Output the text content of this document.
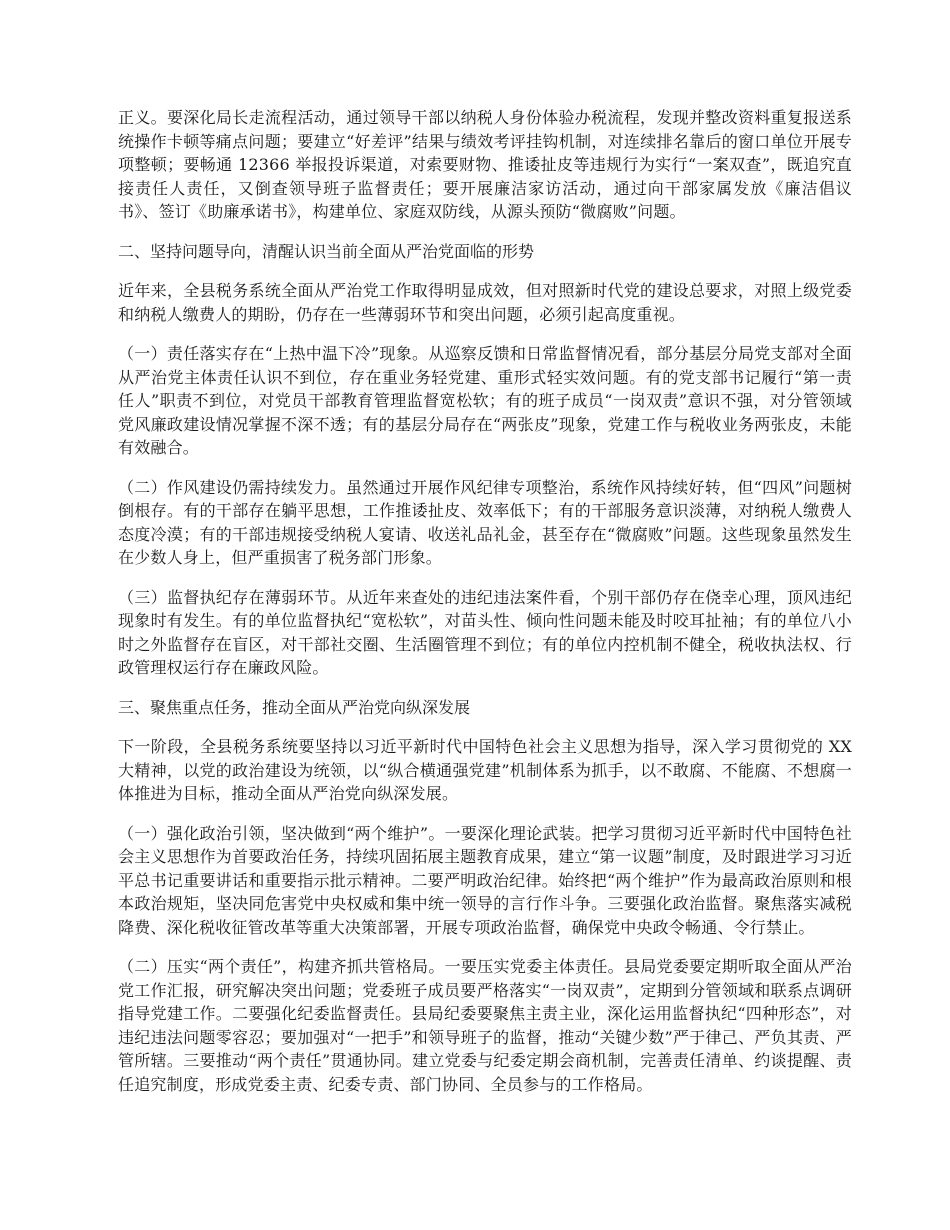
正义。要深化局长走流程活动，通过领导干部以纳税人身份体验办税流程，发现并整改资料重复报送系统操作卡顿等痛点问题；要建立“好差评”结果与绩效考评挂钩机制，对连续排名靠后的窗口单位开展专项整顿；要畅通 12366 举报投诉渠道，对索要财物、推诿扯皮等违规行为实行“一案双查”，既追究直接责任人责任，又倒查领导班子监督责任；要开展廉洁家访活动，通过向干部家属发放《廉洁倡议书》、签订《助廉承诺书》，构建单位、家庭双防线，从源头预防“微腐败”问题。

二、坚持问题导向，清醒认识当前全面从严治党面临的形势

近年来，全县税务系统全面从严治党工作取得明显成效，但对照新时代党的建设总要求，对照上级党委和纳税人缴费人的期盼，仍存在一些薄弱环节和突出问题，必须引起高度重视。

（一）责任落实存在“上热中温下冷”现象。从巡察反馈和日常监督情况看，部分基层分局党支部对全面从严治党主体责任认识不到位，存在重业务轻党建、重形式轻实效问题。有的党支部书记履行“第一责任人”职责不到位，对党员干部教育管理监督宽松软；有的班子成员“一岗双责”意识不强，对分管领域党风廉政建设情况掌握不深不透；有的基层分局存在“两张皮”现象，党建工作与税收业务两张皮，未能有效融合。

（二）作风建设仍需持续发力。虽然通过开展作风纪律专项整治，系统作风持续好转，但“四风”问题树倒根存。有的干部存在躺平思想，工作推诿扯皮、效率低下；有的干部服务意识淡薄，对纳税人缴费人态度冷漠；有的干部违规接受纳税人宴请、收送礼品礼金，甚至存在“微腐败”问题。这些现象虽然发生在少数人身上，但严重损害了税务部门形象。

（三）监督执纪存在薄弱环节。从近年来查处的违纪违法案件看，个别干部仍存在侥幸心理，顶风违纪现象时有发生。有的单位监督执纪“宽松软”，对苗头性、倾向性问题未能及时咬耳扯袖；有的单位八小时之外监督存在盲区，对干部社交圈、生活圈管理不到位；有的单位内控机制不健全，税收执法权、行政管理权运行存在廉政风险。

三、聚焦重点任务，推动全面从严治党向纵深发展

下一阶段，全县税务系统要坚持以习近平新时代中国特色社会主义思想为指导，深入学习贯彻党的 XX 大精神，以党的政治建设为统领，以“纵合横通强党建”机制体系为抓手，以不敢腐、不能腐、不想腐一体推进为目标，推动全面从严治党向纵深发展。

（一）强化政治引领，坚决做到“两个维护”。一要深化理论武装。把学习贯彻习近平新时代中国特色社会主义思想作为首要政治任务，持续巩固拓展主题教育成果，建立“第一议题”制度，及时跟进学习习近平总书记重要讲话和重要指示批示精神。二要严明政治纪律。始终把“两个维护”作为最高政治原则和根本政治规矩，坚决同危害党中央权威和集中统一领导的言行作斗争。三要强化政治监督。聚焦落实减税降费、深化税收征管改革等重大决策部署，开展专项政治监督，确保党中央政令畅通、令行禁止。

（二）压实“两个责任”，构建齐抓共管格局。一要压实党委主体责任。县局党委要定期听取全面从严治党工作汇报，研究解决突出问题；党委班子成员要严格落实“一岗双责”，定期到分管领域和联系点调研指导党建工作。二要强化纪委监督责任。县局纪委要聚焦主责主业，深化运用监督执纪“四种形态”，对违纪违法问题零容忍；要加强对“一把手”和领导班子的监督，推动“关键少数”严于律己、严负其责、严管所辖。三要推动“两个责任”贯通协同。建立党委与纪委定期会商机制，完善责任清单、约谈提醒、责任追究制度，形成党委主责、纪委专责、部门协同、全员参与的工作格局。
